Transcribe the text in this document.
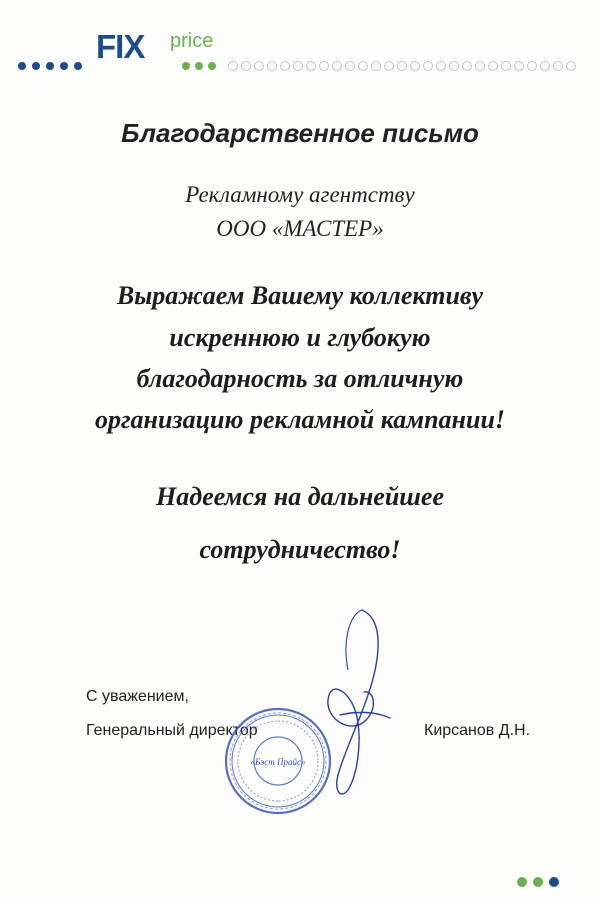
FIX price
Благодарственное письмо
Рекламному агентству
ООО «МАСТЕР»
Выражаем Вашему коллективу
искреннюю и глубокую
благодарность за отличную
организацию рекламной кампании!
Надеемся на дальнейшее
сотрудничество!
С уважением,
Генеральный директор	Кирсанов Д.Н.
«Бэст Прайс»
